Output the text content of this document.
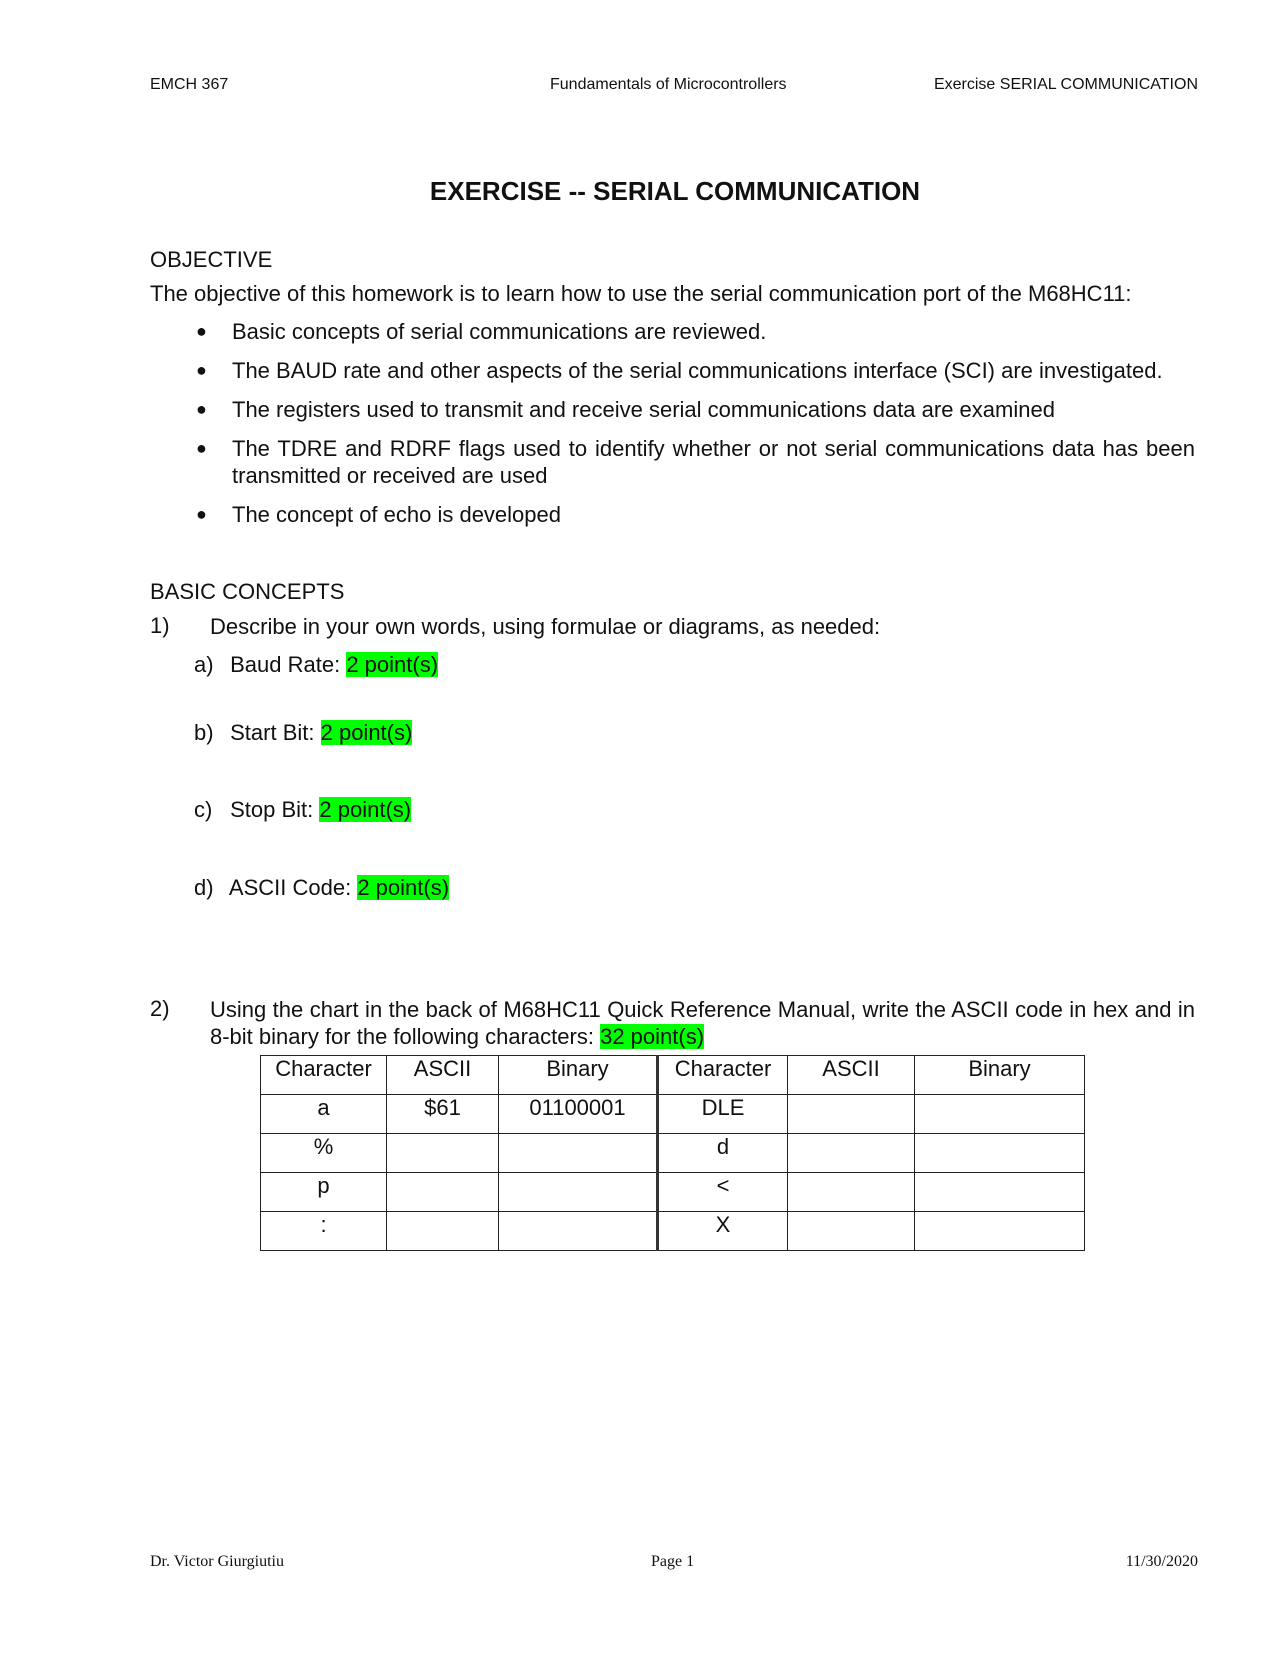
EMCH 367	Fundamentals of Microcontrollers	Exercise SERIAL COMMUNICATION
EXERCISE -- SERIAL COMMUNICATION
OBJECTIVE
The objective of this homework is to learn how to use the serial communication port of the M68HC11:
● Basic concepts of serial communications are reviewed.
● The BAUD rate and other aspects of the serial communications interface (SCI) are investigated.
● The registers used to transmit and receive serial communications data are examined
● The TDRE and RDRF flags used to identify whether or not serial communications data has been transmitted or received are used
● The concept of echo is developed
BASIC CONCEPTS
1) Describe in your own words, using formulae or diagrams, as needed:
a) Baud Rate: 2 point(s)
b) Start Bit: 2 point(s)
c) Stop Bit: 2 point(s)
d) ASCII Code: 2 point(s)
2) Using the chart in the back of M68HC11 Quick Reference Manual, write the ASCII code in hex and in 8-bit binary for the following characters: 32 point(s)
Character	ASCII	Binary	Character	ASCII	Binary
a	$61	01100001	DLE		
%			d		
p			<		
:			X		
Dr. Victor Giurgiutiu	Page 1	11/30/2020
